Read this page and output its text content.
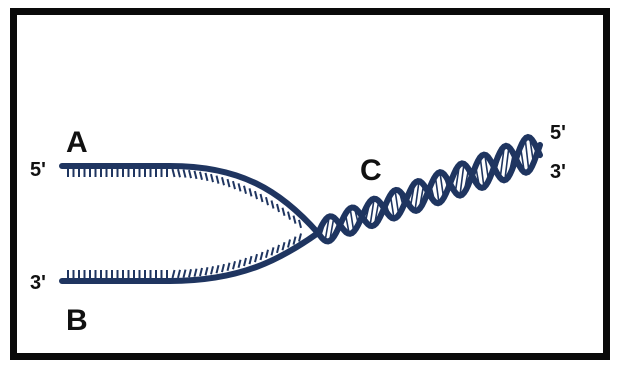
A
B
C
5'
3'
5'
3'
